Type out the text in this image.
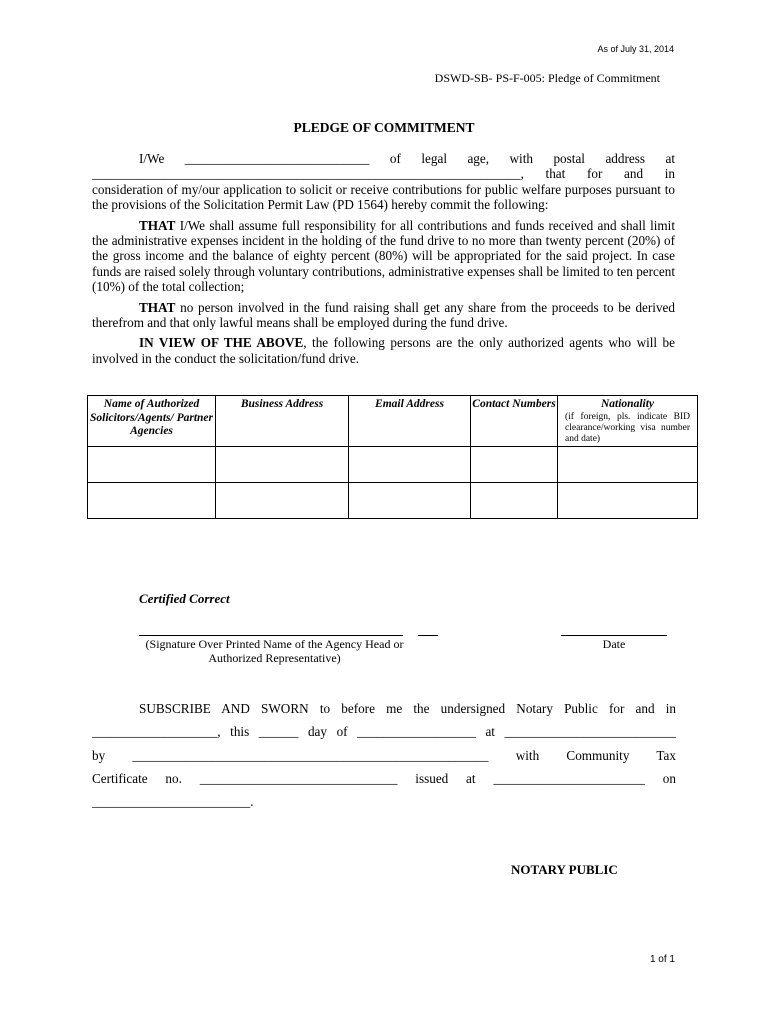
As of July 31, 2014
DSWD-SB- PS-F-005: Pledge of Commitment
PLEDGE OF COMMITMENT

I/We ____________________________ of legal age, with postal address at

_________________________________________________________________, that for and in

consideration of my/our application to solicit or receive contributions for public welfare purposes pursuant to the provisions of the Solicitation Permit Law (PD 1564) hereby commit the following:

THAT I/We shall assume full responsibility for all contributions and funds received and shall limit the administrative expenses incident in the holding of the fund drive to no more than twenty percent (20%) of the gross income and the balance of eighty percent (80%) will be appropriated for the said project. In case funds are raised solely through voluntary contributions, administrative expenses shall be limited to ten percent (10%) of the total collection;

THAT no person involved in the fund raising shall get any share from the proceeds to be derived therefrom and that only lawful means shall be employed during the fund drive.

IN VIEW OF THE ABOVE, the following persons are the only authorized agents who will be involved in the conduct the solicitation/fund drive.

Name of Authorized Solicitors/Agents/ Partner Agencies	Business Address	Email Address	Contact Numbers	Nationality
(if foreign, pls. indicate BID clearance/working visa number and date)

Certified Correct
(Signature Over Printed Name of the Agency Head or Authorized Representative)
Date

SUBSCRIBE AND SWORN to before me the undersigned Notary Public for and in

___________________, this ______ day of __________________ at __________________________

by ______________________________________________________ with Community Tax

Certificate no. ______________________________ issued at _______________________ on

________________________.

NOTARY PUBLIC
1 of 1
